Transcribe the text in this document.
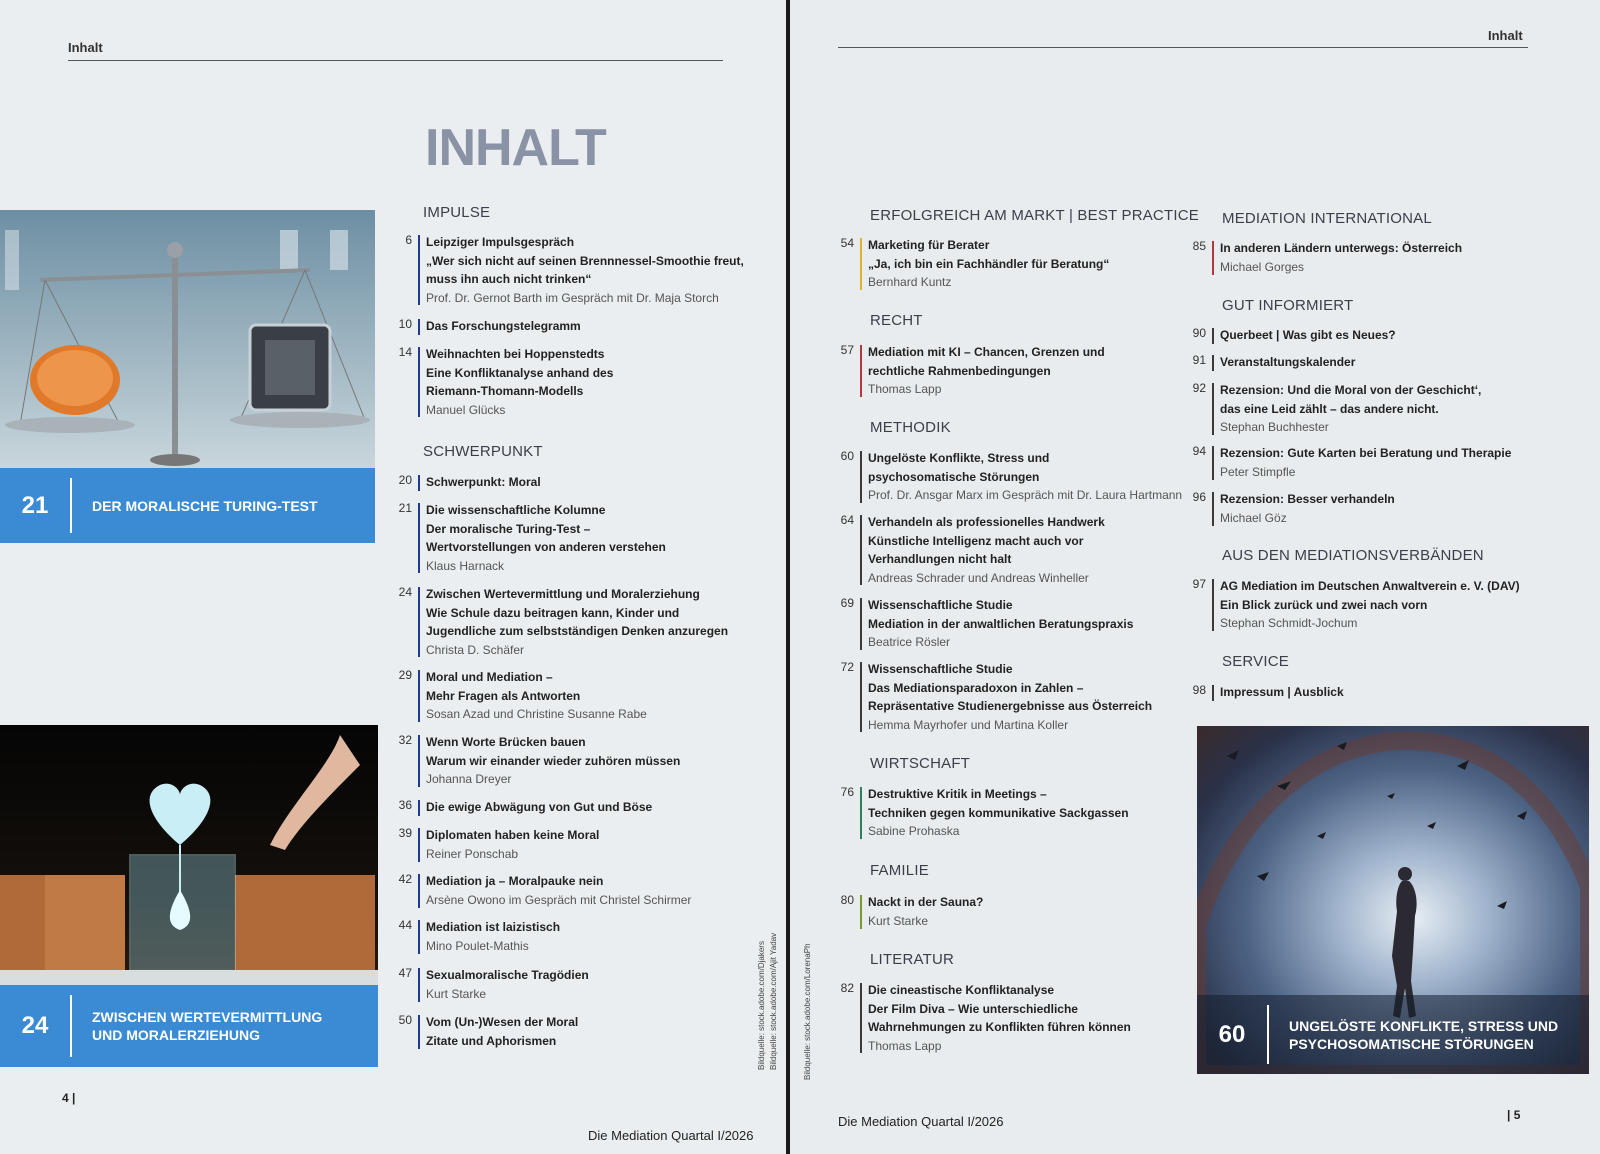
Inhalt
INHALT
21	DER MORALISCHE TURING-TEST
24	ZWISCHEN WERTEVERMITTLUNG
UND MORALERZIEHUNG
IMPULSE
6 Leipziger Impulsgespräch
„Wer sich nicht auf seinen Brennnessel-Smoothie freut,
muss ihn auch nicht trinken“
Prof. Dr. Gernot Barth im Gespräch mit Dr. Maja Storch
10 Das Forschungstelegramm
14 Weihnachten bei Hoppenstedts
Eine Konfliktanalyse anhand des
Riemann-Thomann-Modells
Manuel Glücks
SCHWERPUNKT
20 Schwerpunkt: Moral
21 Die wissenschaftliche Kolumne
Der moralische Turing-Test –
Wertvorstellungen von anderen verstehen
Klaus Harnack
24 Zwischen Wertevermittlung und Moralerziehung
Wie Schule dazu beitragen kann, Kinder und
Jugendliche zum selbstständigen Denken anzuregen
Christa D. Schäfer
29 Moral und Mediation –
Mehr Fragen als Antworten
Sosan Azad und Christine Susanne Rabe
32 Wenn Worte Brücken bauen
Warum wir einander wieder zuhören müssen
Johanna Dreyer
36 Die ewige Abwägung von Gut und Böse
39 Diplomaten haben keine Moral
Reiner Ponschab
42 Mediation ja – Moralpauke nein
Arsène Owono im Gespräch mit Christel Schirmer
44 Mediation ist laizistisch
Mino Poulet-Mathis
47 Sexualmoralische Tragödien
Kurt Starke
50 Vom (Un-)Wesen der Moral
Zitate und Aphorismen	Bildquelle: stock.adobe.com/Djakers Bildquelle: stock.adobe.com/Ajit Yadav
4 |
Die Mediation Quartal I/2026
Inhalt
ERFOLGREICH AM MARKT | BEST PRACTICE
54 Marketing für Berater
„Ja, ich bin ein Fachhändler für Beratung“
Bernhard Kuntz
RECHT
57 Mediation mit KI – Chancen, Grenzen und
rechtliche Rahmenbedingungen
Thomas Lapp
METHODIK
60 Ungelöste Konflikte, Stress und
psychosomatische Störungen
Prof. Dr. Ansgar Marx im Gespräch mit Dr. Laura Hartmann
64 Verhandeln als professionelles Handwerk
Künstliche Intelligenz macht auch vor
Verhandlungen nicht halt
Andreas Schrader und Andreas Winheller
69 Wissenschaftliche Studie
Mediation in der anwaltlichen Beratungspraxis
Beatrice Rösler
72 Wissenschaftliche Studie
Das Mediationsparadoxon in Zahlen –
Repräsentative Studienergebnisse aus Österreich
Hemma Mayrhofer und Martina Koller
WIRTSCHAFT
76 Destruktive Kritik in Meetings –
Techniken gegen kommunikative Sackgassen
Sabine Prohaska
FAMILIE
80 Nackt in der Sauna?
Kurt Starke
LITERATUR
82 Die cineastische Konfliktanalyse
Der Film Diva – Wie unterschiedliche
Wahrnehmungen zu Konflikten führen können
Thomas Lapp
MEDIATION INTERNATIONAL
85 In anderen Ländern unterwegs: Österreich
Michael Gorges
GUT INFORMIERT
90 Querbeet | Was gibt es Neues?
91 Veranstaltungskalender
92 Rezension: Und die Moral von der Geschicht‘,
das eine Leid zählt – das andere nicht.
Stephan Buchhester
94 Rezension: Gute Karten bei Beratung und Therapie
Peter Stimpfle
96 Rezension: Besser verhandeln
Michael Göz
AUS DEN MEDIATIONSVERBÄNDEN
97 AG Mediation im Deutschen Anwaltverein e. V. (DAV)
Ein Blick zurück und zwei nach vorn
Stephan Schmidt-Jochum
SERVICE
98 Impressum | Ausblick
60	UNGELÖSTE KONFLIKTE, STRESS UND
PSYCHOSOMATISCHE STÖRUNGEN
Bildquelle: stock.adobe.com/LorenaPh
Die Mediation Quartal I/2026	| 5
